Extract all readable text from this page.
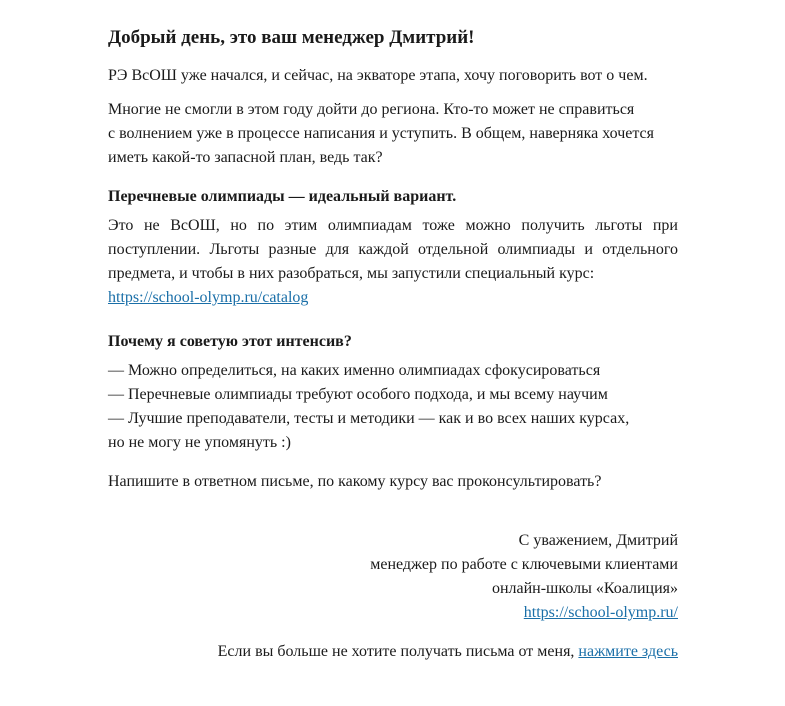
Добрый день, это ваш менеджер Дмитрий!

РЭ ВсОШ уже начался, и сейчас, на экваторе этапа, хочу поговорить вот о чем.

Многие не смогли в этом году дойти до региона. Кто-то может не справиться
с волнением уже в процессе написания и уступить. В общем, наверняка хочется
иметь какой-то запасной план, ведь так?

Перечневые олимпиады — идеальный вариант.

Это не ВсОШ, но по этим олимпиадам тоже можно получить льготы при поступлении. Льготы разные для каждой отдельной олимпиады и отдельного предмета, и чтобы в них разобраться, мы запустили специальный курс:

https://school-olymp.ru/catalog
Почему я советую этот интенсив?
— Можно определиться, на каких именно олимпиадах сфокусироваться
— Перечневые олимпиады требуют особого подхода, и мы всему научим
— Лучшие преподаватели, тесты и методики — как и во всех наших курсах,
но не могу не упомянуть :)

Напишите в ответном письме, по какому курсу вас проконсультировать?

С уважением, Дмитрий
менеджер по работе с ключевыми клиентами
онлайн-школы «Коалиция»
https://school-olymp.ru/
Если вы больше не хотите получать письма от меня, нажмите здесь
